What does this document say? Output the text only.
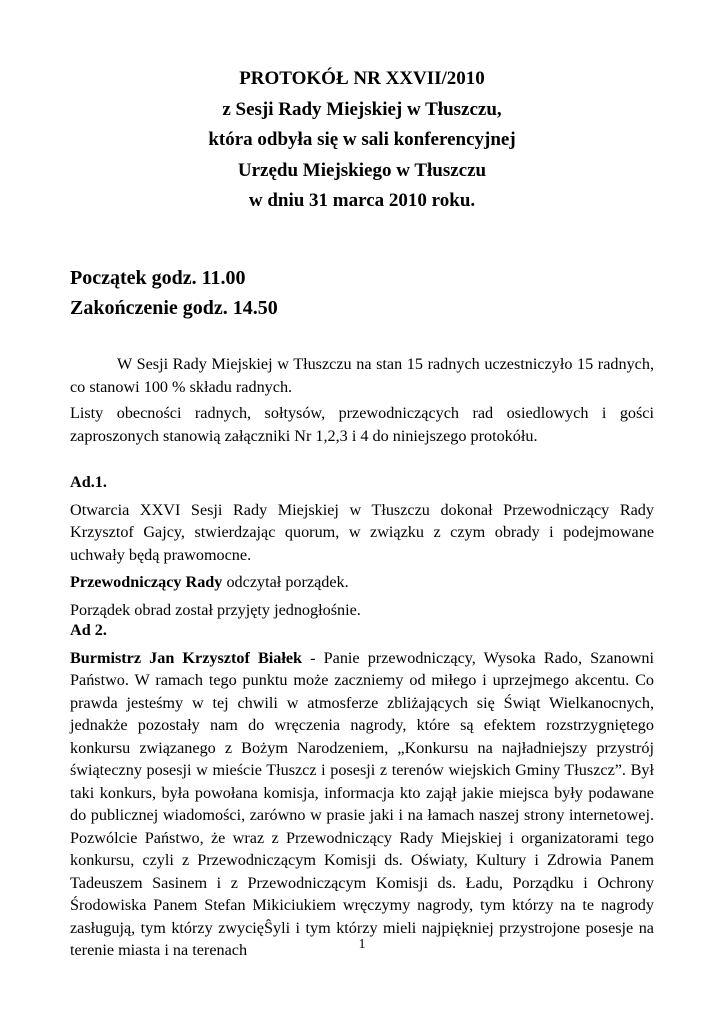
PROTOKÓŁ NR XXVII/2010
z Sesji Rady Miejskiej w Tłuszczu,
która odbyła się w sali konferencyjnej
Urzędu Miejskiego w Tłuszczu
w dniu 31 marca 2010 roku.
Początek godz. 11.00
Zakończenie godz. 14.50

W Sesji Rady Miejskiej w Tłuszczu na stan 15 radnych uczestniczyło 15 radnych, co stanowi 100 % składu radnych.

Listy obecności radnych, sołtysów, przewodniczących rad osiedlowych i gości zaproszonych stanowią załączniki Nr 1,2,3 i 4 do niniejszego protokółu.

Ad.1.

Otwarcia XXVI Sesji Rady Miejskiej w Tłuszczu dokonał Przewodniczący Rady Krzysztof Gajcy, stwierdzając quorum, w związku z czym obrady i podejmowane uchwały będą prawomocne.

Przewodniczący Rady odczytał porządek.

Porządek obrad został przyjęty jednogłośnie.

Ad 2.

Burmistrz Jan Krzysztof Białek - Panie przewodniczący, Wysoka Rado, Szanowni Państwo. W ramach tego punktu może zaczniemy od miłego i uprzejmego akcentu. Co prawda jesteśmy w tej chwili w atmosferze zbliżających się Świąt Wielkanocnych, jednakże pozostały nam do wręczenia nagrody, które są efektem rozstrzygniętego konkursu związanego z Bożym Narodzeniem, „Konkursu na najładniejszy przystrój świąteczny posesji w mieście Tłuszcz i posesji z terenów wiejskich Gminy Tłuszcz”. Był taki konkurs, była powołana komisja, informacja kto zajął jakie miejsca były podawane do publicznej wiadomości, zarówno w prasie jaki i na łamach naszej strony internetowej. Pozwólcie Państwo, że wraz z Przewodniczący Rady Miejskiej i organizatorami tego konkursu, czyli z Przewodniczącym Komisji ds. Oświaty, Kultury i Zdrowia Panem Tadeuszem Sasinem i z Przewodniczącym Komisji ds. Ładu, Porządku i Ochrony Środowiska Panem Stefan Mikiciukiem wręczymy nagrody, tym którzy na te nagrody zasługują, tym którzy zwycięŜyli i tym którzy mieli najpiękniej przystrojone posesje na terenie miasta i na terenach	1
